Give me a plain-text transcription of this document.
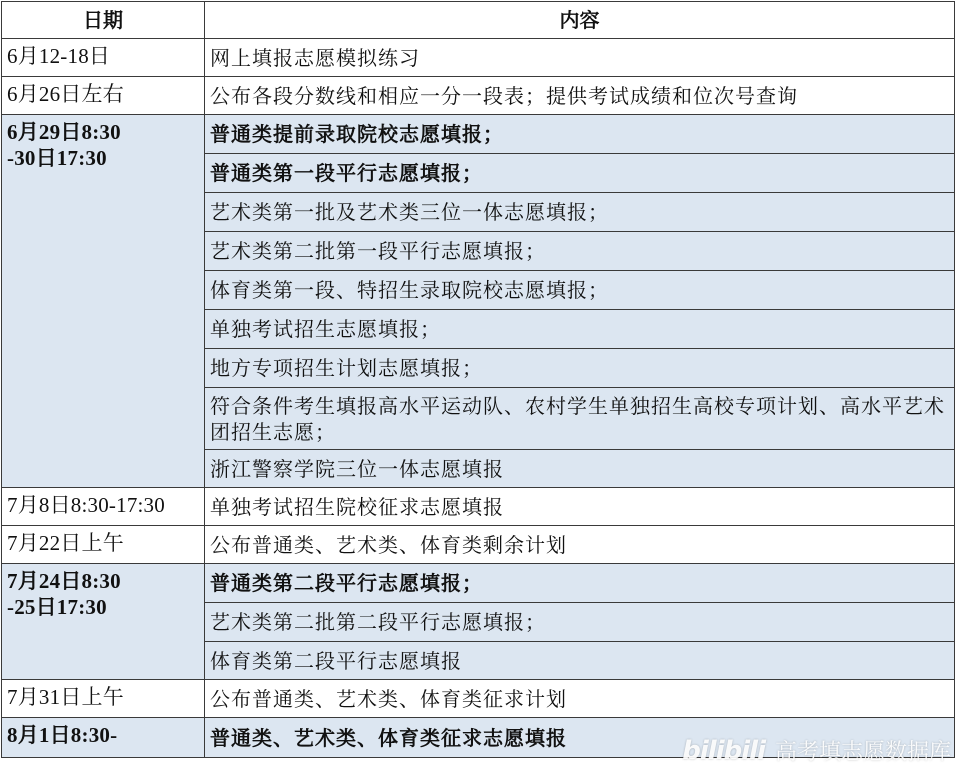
日期	内容
6月12-18日	网上填报志愿模拟练习
6月26日左右	公布各段分数线和相应一分一段表；提供考试成绩和位次号查询

6月29日8:30
-30日17:30	普通类提前录取院校志愿填报；
	普通类第一段平行志愿填报；
	艺术类第一批及艺术类三位一体志愿填报；
	艺术类第二批第一段平行志愿填报；
	体育类第一段、特招生录取院校志愿填报；
	单独考试招生志愿填报；
	地方专项招生计划志愿填报；
	符合条件考生填报高水平运动队、农村学生单独招生高校专项计划、高水平艺术团招生志愿；
	浙江警察学院三位一体志愿填报
7月8日8:30-17:30	单独考试招生院校征求志愿填报
7月22日上午	公布普通类、艺术类、体育类剩余计划

7月24日8:30
-25日17:30	普通类第二段平行志愿填报；
	艺术类第二批第二段平行志愿填报；
	体育类第二段平行志愿填报
7月31日上午	公布普通类、艺术类、体育类征求计划
8月1日8:30-	普通类、艺术类、体育类征求志愿填报	bilibili 高考填志愿数据库
